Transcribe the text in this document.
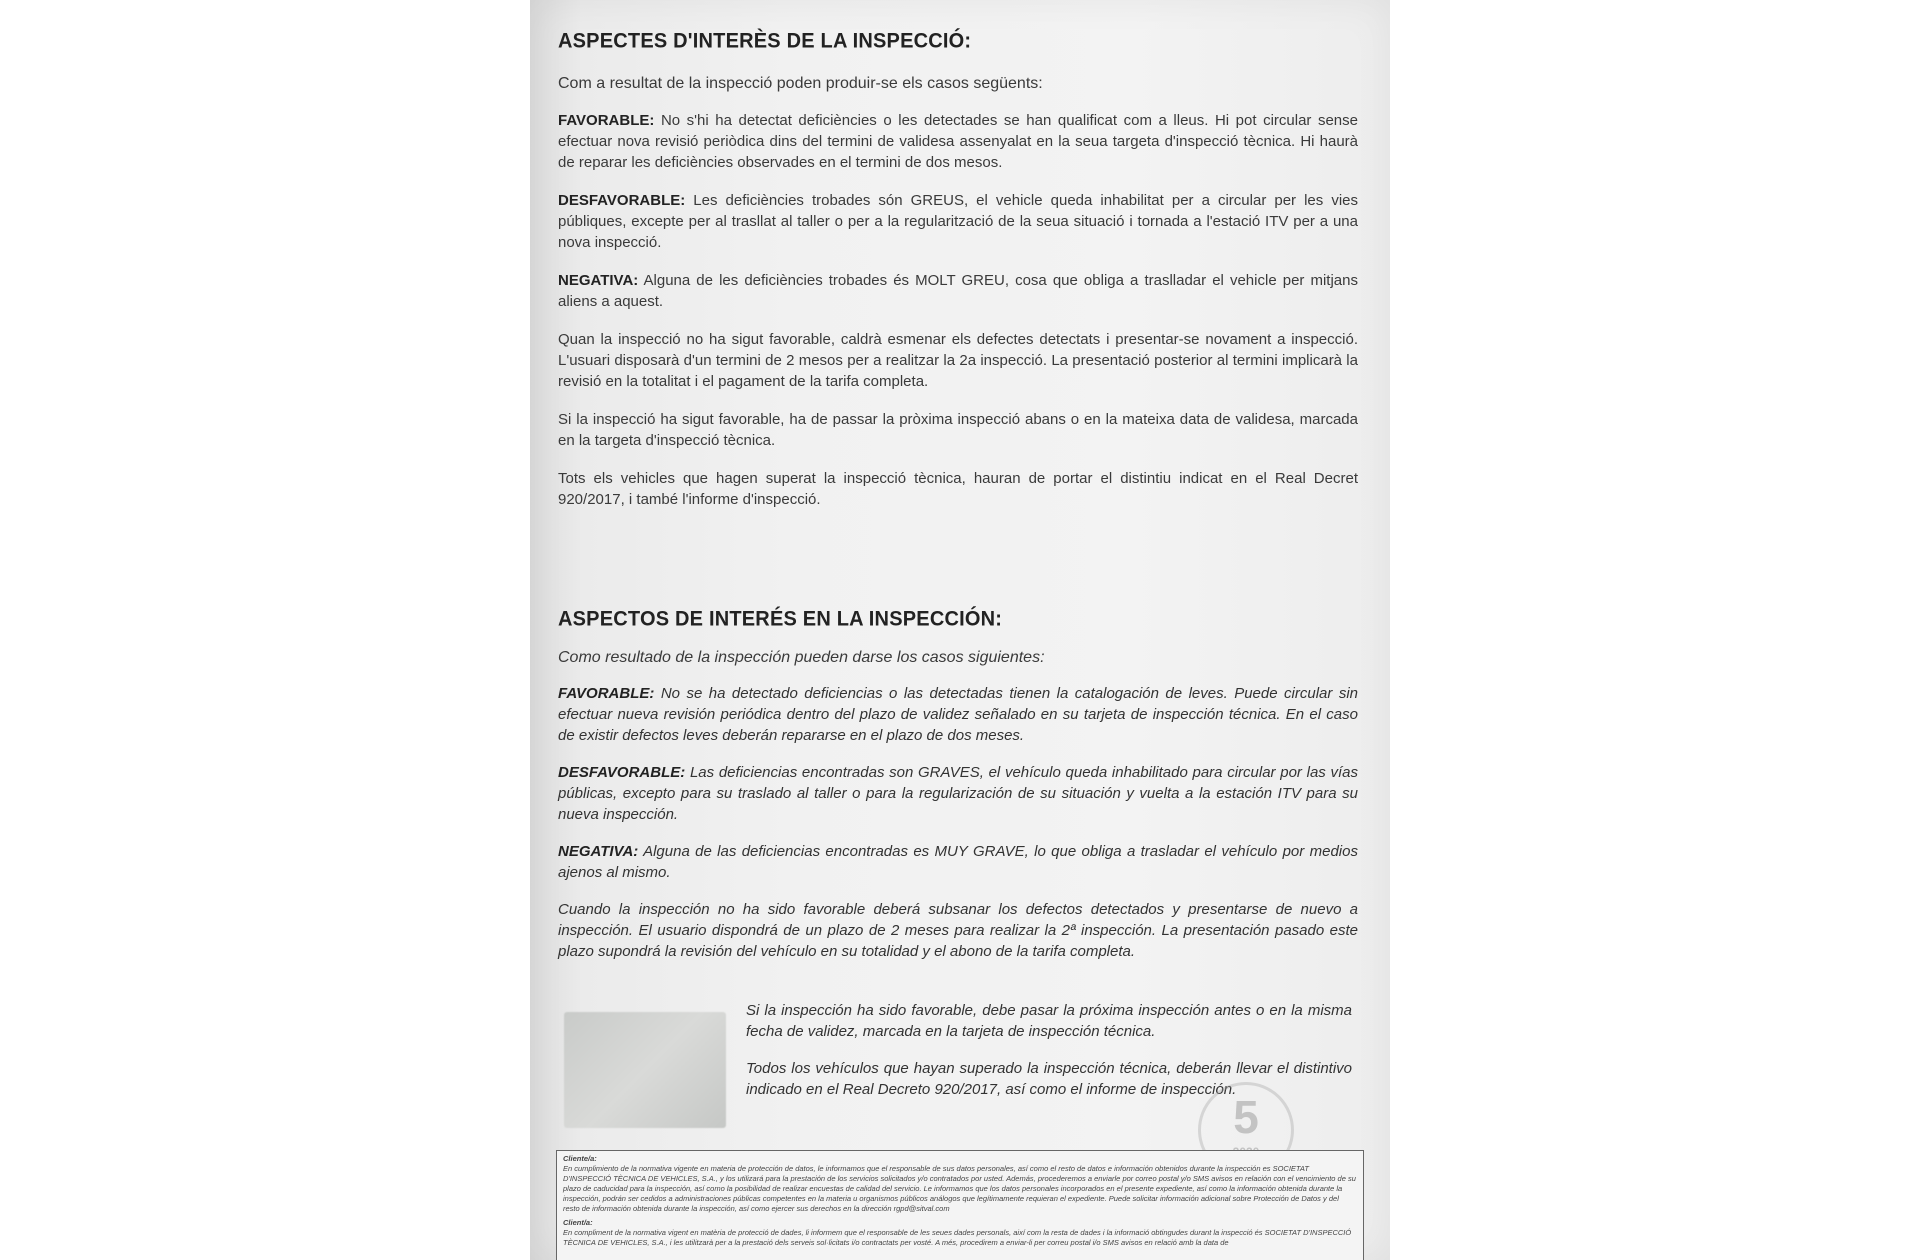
ASPECTES D'INTERÈS DE LA INSPECCIÓ:

Com a resultat de la inspecció poden produir-se els casos següents:

FAVORABLE: No s'hi ha detectat deficiències o les detectades se han qualificat com a lleus. Hi pot circular sense efectuar nova revisió periòdica dins del termini de validesa assenyalat en la seua targeta d'inspecció tècnica. Hi haurà de reparar les deficiències observades en el termini de dos mesos.

DESFAVORABLE: Les deficiències trobades són GREUS, el vehicle queda inhabilitat per a circular per les vies públiques, excepte per al trasllat al taller o per a la regularització de la seua situació i tornada a l'estació ITV per a una nova inspecció.

NEGATIVA: Alguna de les deficiències trobades és MOLT GREU, cosa que obliga a traslladar el vehicle per mitjans aliens a aquest.

Quan la inspecció no ha sigut favorable, caldrà esmenar els defectes detectats i presentar-se novament a inspecció. L'usuari disposarà d'un termini de 2 mesos per a realitzar la 2a inspecció. La presentació posterior al termini implicarà la revisió en la totalitat i el pagament de la tarifa completa.

Si la inspecció ha sigut favorable, ha de passar la pròxima inspecció abans o en la mateixa data de validesa, marcada en la targeta d'inspecció tècnica.

Tots els vehicles que hagen superat la inspecció tècnica, hauran de portar el distintiu indicat en el Real Decret 920/2017, i també l'informe d'inspecció.

ASPECTOS DE INTERÉS EN LA INSPECCIÓN:

Como resultado de la inspección pueden darse los casos siguientes:

FAVORABLE: No se ha detectado deficiencias o las detectadas tienen la catalogación de leves. Puede circular sin efectuar nueva revisión periódica dentro del plazo de validez señalado en su tarjeta de inspección técnica. En el caso de existir defectos leves deberán repararse en el plazo de dos meses.

DESFAVORABLE: Las deficiencias encontradas son GRAVES, el vehículo queda inhabilitado para circular por las vías públicas, excepto para su traslado al taller o para la regularización de su situación y vuelta a la estación ITV para su nueva inspección.

NEGATIVA: Alguna de las deficiencias encontradas es MUY GRAVE, lo que obliga a trasladar el vehículo por medios ajenos al mismo.

Cuando la inspección no ha sido favorable deberá subsanar los defectos detectados y presentarse de nuevo a inspección. El usuario dispondrá de un plazo de 2 meses para realizar la 2ª inspección. La presentación pasado este plazo supondrá la revisión del vehículo en su totalidad y el abono de la tarifa completa.

Si la inspección ha sido favorable, debe pasar la próxima inspección antes o en la misma fecha de validez, marcada en la tarjeta de inspección técnica.

Todos los vehículos que hayan superado la inspección técnica, deberán llevar el distintivo indicado en el Real Decreto 920/2017, así como el informe de inspección.

5

Cliente/a:

En cumplimiento de la normativa vigente en materia de protección de datos, le informamos que el responsable de sus datos personales, así como el resto de datos e información obtenidos durante la inspección es SOCIETAT D'INSPECCIÓ TÈCNICA DE VEHICLES, S.A., y los utilizará para la prestación de los servicios solicitados y/o contratados por usted. Además, procederemos a enviarle por correo postal y/o SMS avisos en relación con el vencimiento de su plazo de caducidad para la inspección, así como la posibilidad de realizar encuestas de calidad del servicio. Le informamos que los datos personales incorporados en el presente expediente, así como la información obtenida durante la inspección, podrán ser cedidos a administraciones públicas competentes en la materia u organismos públicos análogos que legítimamente requieran el expediente. Puede solicitar información adicional sobre Protección de Datos y del resto de información obtenida durante la inspección, así como ejercer sus derechos en la dirección rgpd@sitval.com

Client/a:

En compliment de la normativa vigent en matèria de protecció de dades, li informem que el responsable de les seues dades personals, així com la resta de dades i la informació obtingudes durant la inspecció és SOCIETAT D'INSPECCIÓ TÈCNICA DE VEHICLES, S.A., i les utilitzarà per a la prestació dels serveis sol·licitats i/o contractats per vosté. A més, procedirem a enviar-li per correu postal i/o SMS avisos en relació amb la data de
